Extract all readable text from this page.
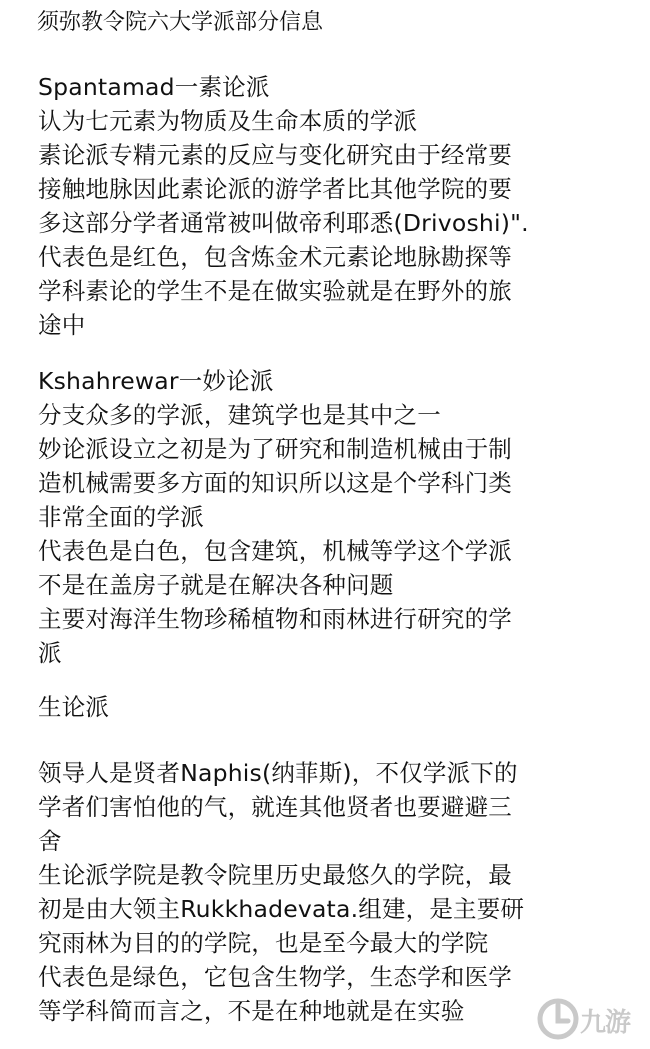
须弥教令院六大学派部分信息
Spantamad一素论派
认为七元素为物质及生命本质的学派
素论派专精元素的反应与变化研究由于经常要
接触地脉因此素论派的游学者比其他学院的要
多这部分学者通常被叫做帝利耶悉(Drivoshi)".
代表色是红色，包含炼金术元素论地脉勘探等
学科素论的学生不是在做实验就是在野外的旅
途中
Kshahrewar一妙论派
分支众多的学派，建筑学也是其中之一
妙论派设立之初是为了研究和制造机械由于制
造机械需要多方面的知识所以这是个学科门类
非常全面的学派
代表色是白色，包含建筑，机械等学这个学派
不是在盖房子就是在解决各种问题
主要对海洋生物珍稀植物和雨林进行研究的学
派
生论派
领导人是贤者Naphis(纳菲斯)，不仅学派下的
学者们害怕他的气，就连其他贤者也要避避三
舍
生论派学院是教令院里历史最悠久的学院，最
初是由大领主Rukkhadevata.组建，是主要研
究雨林为目的的学院，也是至今最大的学院
代表色是绿色，它包含生物学，生态学和医学
等学科简而言之，不是在种地就是在实验	九游
